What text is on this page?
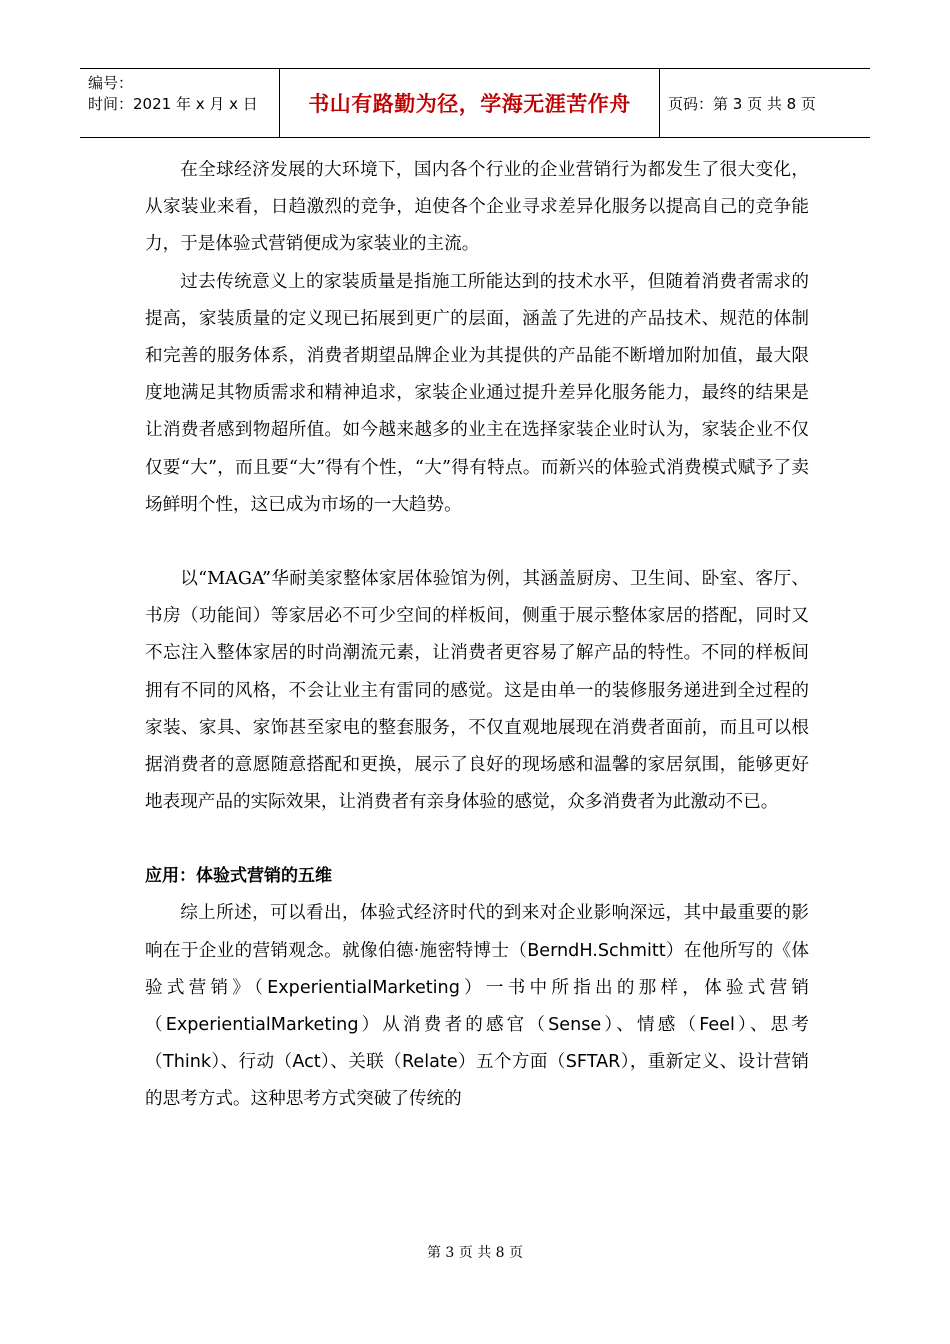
编号：
时间：2021 年 x 月 x 日	书山有路勤为径，学海无涯苦作舟	页码：第 3 页 共 8 页

在全球经济发展的大环境下，国内各个行业的企业营销行为都发生了很大变化，从家装业来看，日趋激烈的竞争，迫使各个企业寻求差异化服务以提高自己的竞争能力，于是体验式营销便成为家装业的主流。

过去传统意义上的家装质量是指施工所能达到的技术水平，但随着消费者需求的提高，家装质量的定义现已拓展到更广的层面，涵盖了先进的产品技术、规范的体制和完善的服务体系，消费者期望品牌企业为其提供的产品能不断增加附加值，最大限度地满足其物质需求和精神追求，家装企业通过提升差异化服务能力，最终的结果是让消费者感到物超所值。如今越来越多的业主在选择家装企业时认为，家装企业不仅仅要“大”，而且要“大”得有个性，“大”得有特点。而新兴的体验式消费模式赋予了卖场鲜明个性，这已成为市场的一大趋势。

以“MAGA”华耐美家整体家居体验馆为例，其涵盖厨房、卫生间、卧室、客厅、书房（功能间）等家居必不可少空间的样板间，侧重于展示整体家居的搭配，同时又不忘注入整体家居的时尚潮流元素，让消费者更容易了解产品的特性。不同的样板间拥有不同的风格，不会让业主有雷同的感觉。这是由单一的装修服务递进到全过程的家装、家具、家饰甚至家电的整套服务，不仅直观地展现在消费者面前，而且可以根据消费者的意愿随意搭配和更换，展示了良好的现场感和温馨的家居氛围，能够更好地表现产品的实际效果，让消费者有亲身体验的感觉，众多消费者为此激动不已。

应用：体验式营销的五维

综上所述，可以看出，体验式经济时代的到来对企业影响深远，其中最重要的影响在于企业的营销观念。就像伯德·施密特博士（BerndH.Schmitt）在他所写的《体验式营销》（ExperientialMarketing）一书中所指出的那样，体验式营销（ExperientialMarketing）从消费者的感官（Sense）、情感（Feel）、思考（Think）、行动（Act）、关联（Relate）五个方面（SFTAR），重新定义、设计营销的思考方式。这种思考方式突破了传统的

第 3 页 共 8 页
